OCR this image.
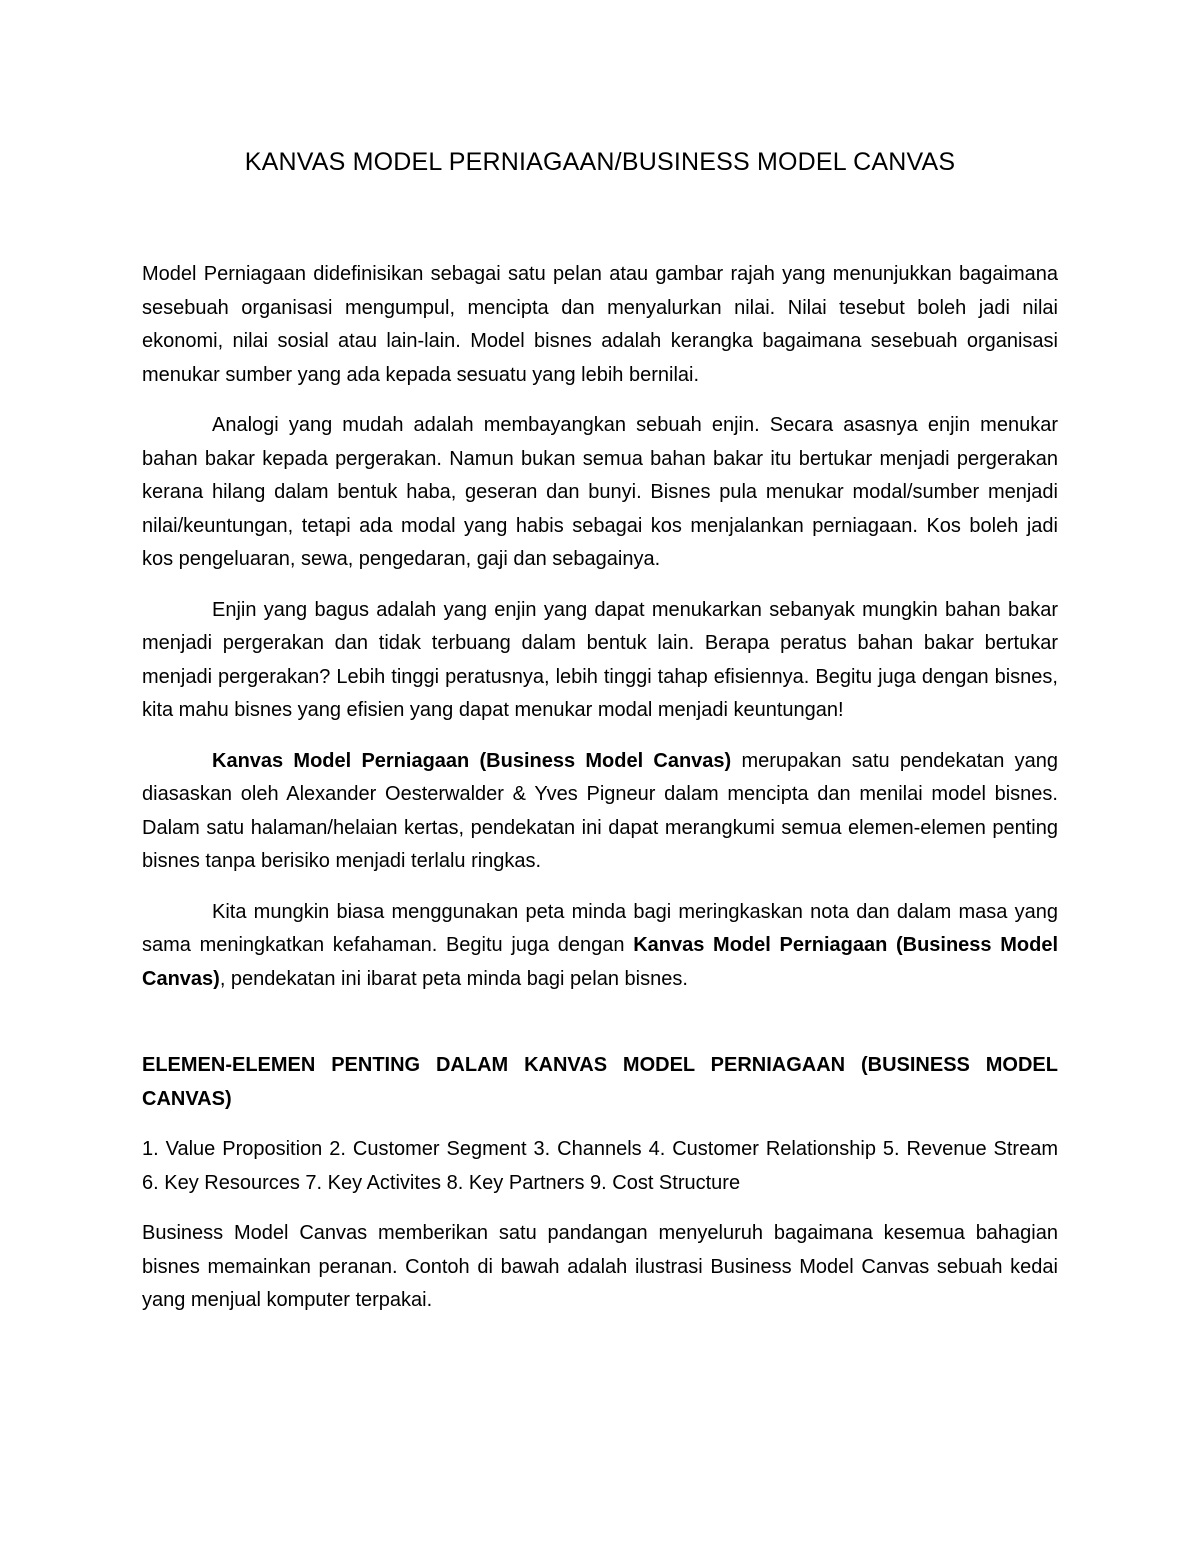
KANVAS MODEL PERNIAGAAN/BUSINESS MODEL CANVAS

Model Perniagaan didefinisikan sebagai satu pelan atau gambar rajah yang menunjukkan bagaimana sesebuah organisasi mengumpul, mencipta dan menyalurkan nilai. Nilai tesebut boleh jadi nilai ekonomi, nilai sosial atau lain-lain. Model bisnes adalah kerangka bagaimana sesebuah organisasi menukar sumber yang ada kepada sesuatu yang lebih bernilai.

Analogi yang mudah adalah membayangkan sebuah enjin. Secara asasnya enjin menukar bahan bakar kepada pergerakan. Namun bukan semua bahan bakar itu bertukar menjadi pergerakan kerana hilang dalam bentuk haba, geseran dan bunyi. Bisnes pula menukar modal/sumber menjadi nilai/keuntungan, tetapi ada modal yang habis sebagai kos menjalankan perniagaan. Kos boleh jadi kos pengeluaran, sewa, pengedaran, gaji dan sebagainya.

Enjin yang bagus adalah yang enjin yang dapat menukarkan sebanyak mungkin bahan bakar menjadi pergerakan dan tidak terbuang dalam bentuk lain. Berapa peratus bahan bakar bertukar menjadi pergerakan? Lebih tinggi peratusnya, lebih tinggi tahap efisiennya. Begitu juga dengan bisnes, kita mahu bisnes yang efisien yang dapat menukar modal menjadi keuntungan!

Kanvas Model Perniagaan (Business Model Canvas) merupakan satu pendekatan yang diasaskan oleh Alexander Oesterwalder & Yves Pigneur dalam mencipta dan menilai model bisnes. Dalam satu halaman/helaian kertas, pendekatan ini dapat merangkumi semua elemen-elemen penting bisnes tanpa berisiko menjadi terlalu ringkas.

Kita mungkin biasa menggunakan peta minda bagi meringkaskan nota dan dalam masa yang sama meningkatkan kefahaman. Begitu juga dengan Kanvas Model Perniagaan (Business Model Canvas), pendekatan ini ibarat peta minda bagi pelan bisnes.

ELEMEN-ELEMEN PENTING DALAM KANVAS MODEL PERNIAGAAN (BUSINESS MODEL CANVAS)

1. Value Proposition 2. Customer Segment 3. Channels 4. Customer Relationship 5. Revenue Stream 6. Key Resources 7. Key Activites 8. Key Partners 9. Cost Structure

Business Model Canvas memberikan satu pandangan menyeluruh bagaimana kesemua bahagian bisnes memainkan peranan. Contoh di bawah adalah ilustrasi Business Model Canvas sebuah kedai yang menjual komputer terpakai.
